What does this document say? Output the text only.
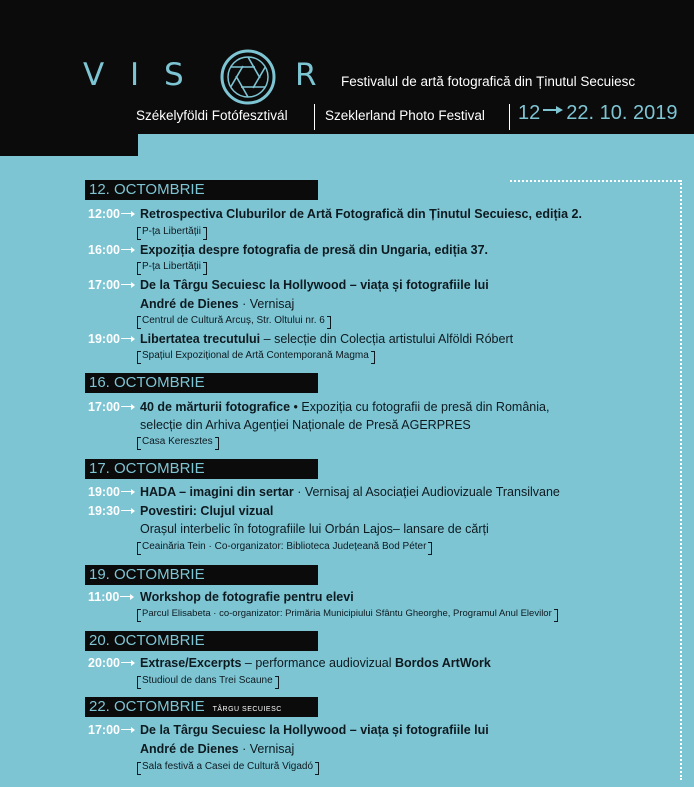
V I S	R Festivalul de artă fotografică din Ținutul Secuiesc
Székelyföldi Fotófesztivál	Szeklerland Photo Festival 12 22. 10. 2019
12. OCTOMBRIE
12:00	Retrospectiva Cluburilor de Artă Fotografică din Ținutul Secuiesc, ediția 2.
P-ța Libertății
16:00	Expoziția despre fotografia de presă din Ungaria, ediția 37.
P-ța Libertății
17:00	De la Târgu Secuiesc la Hollywood – viața și fotografiile lui
André de Dienes · Vernisaj
Centrul de Cultură Arcuș, Str. Oltului nr. 6
19:00	Libertatea trecutului – selecție din Colecția artistului Alföldi Róbert
Spațiul Expozițional de Artă Contemporană Magma
16. OCTOMBRIE
17:00	40 de mărturii fotografice • Expoziția cu fotografii de presă din România,
selecție din Arhiva Agenției Naționale de Presă AGERPRES
Casa Keresztes
17. OCTOMBRIE
19:00	HADA – imagini din sertar · Vernisaj al Asociației Audiovizuale Transilvane
19:30	Povestiri: Clujul vizual
Orașul interbelic în fotografiile lui Orbán Lajos– lansare de cărți
Ceainăria Tein · Co-organizator: Biblioteca Județeană Bod Péter
19. OCTOMBRIE
11:00	Workshop de fotografie pentru elevi
Parcul Elisabeta · co-organizator: Primăria Municipiului Sfântu Gheorghe, Programul Anul Elevilor
20. OCTOMBRIE
20:00	Extrase/Excerpts – performance audiovizual Bordos ArtWork
Studioul de dans Trei Scaune
22. OCTOMBRIE TÂRGU SECUIESC
17:00	De la Târgu Secuiesc la Hollywood – viața și fotografiile lui
André de Dienes · Vernisaj
Sala festivă a Casei de Cultură Vigadó
